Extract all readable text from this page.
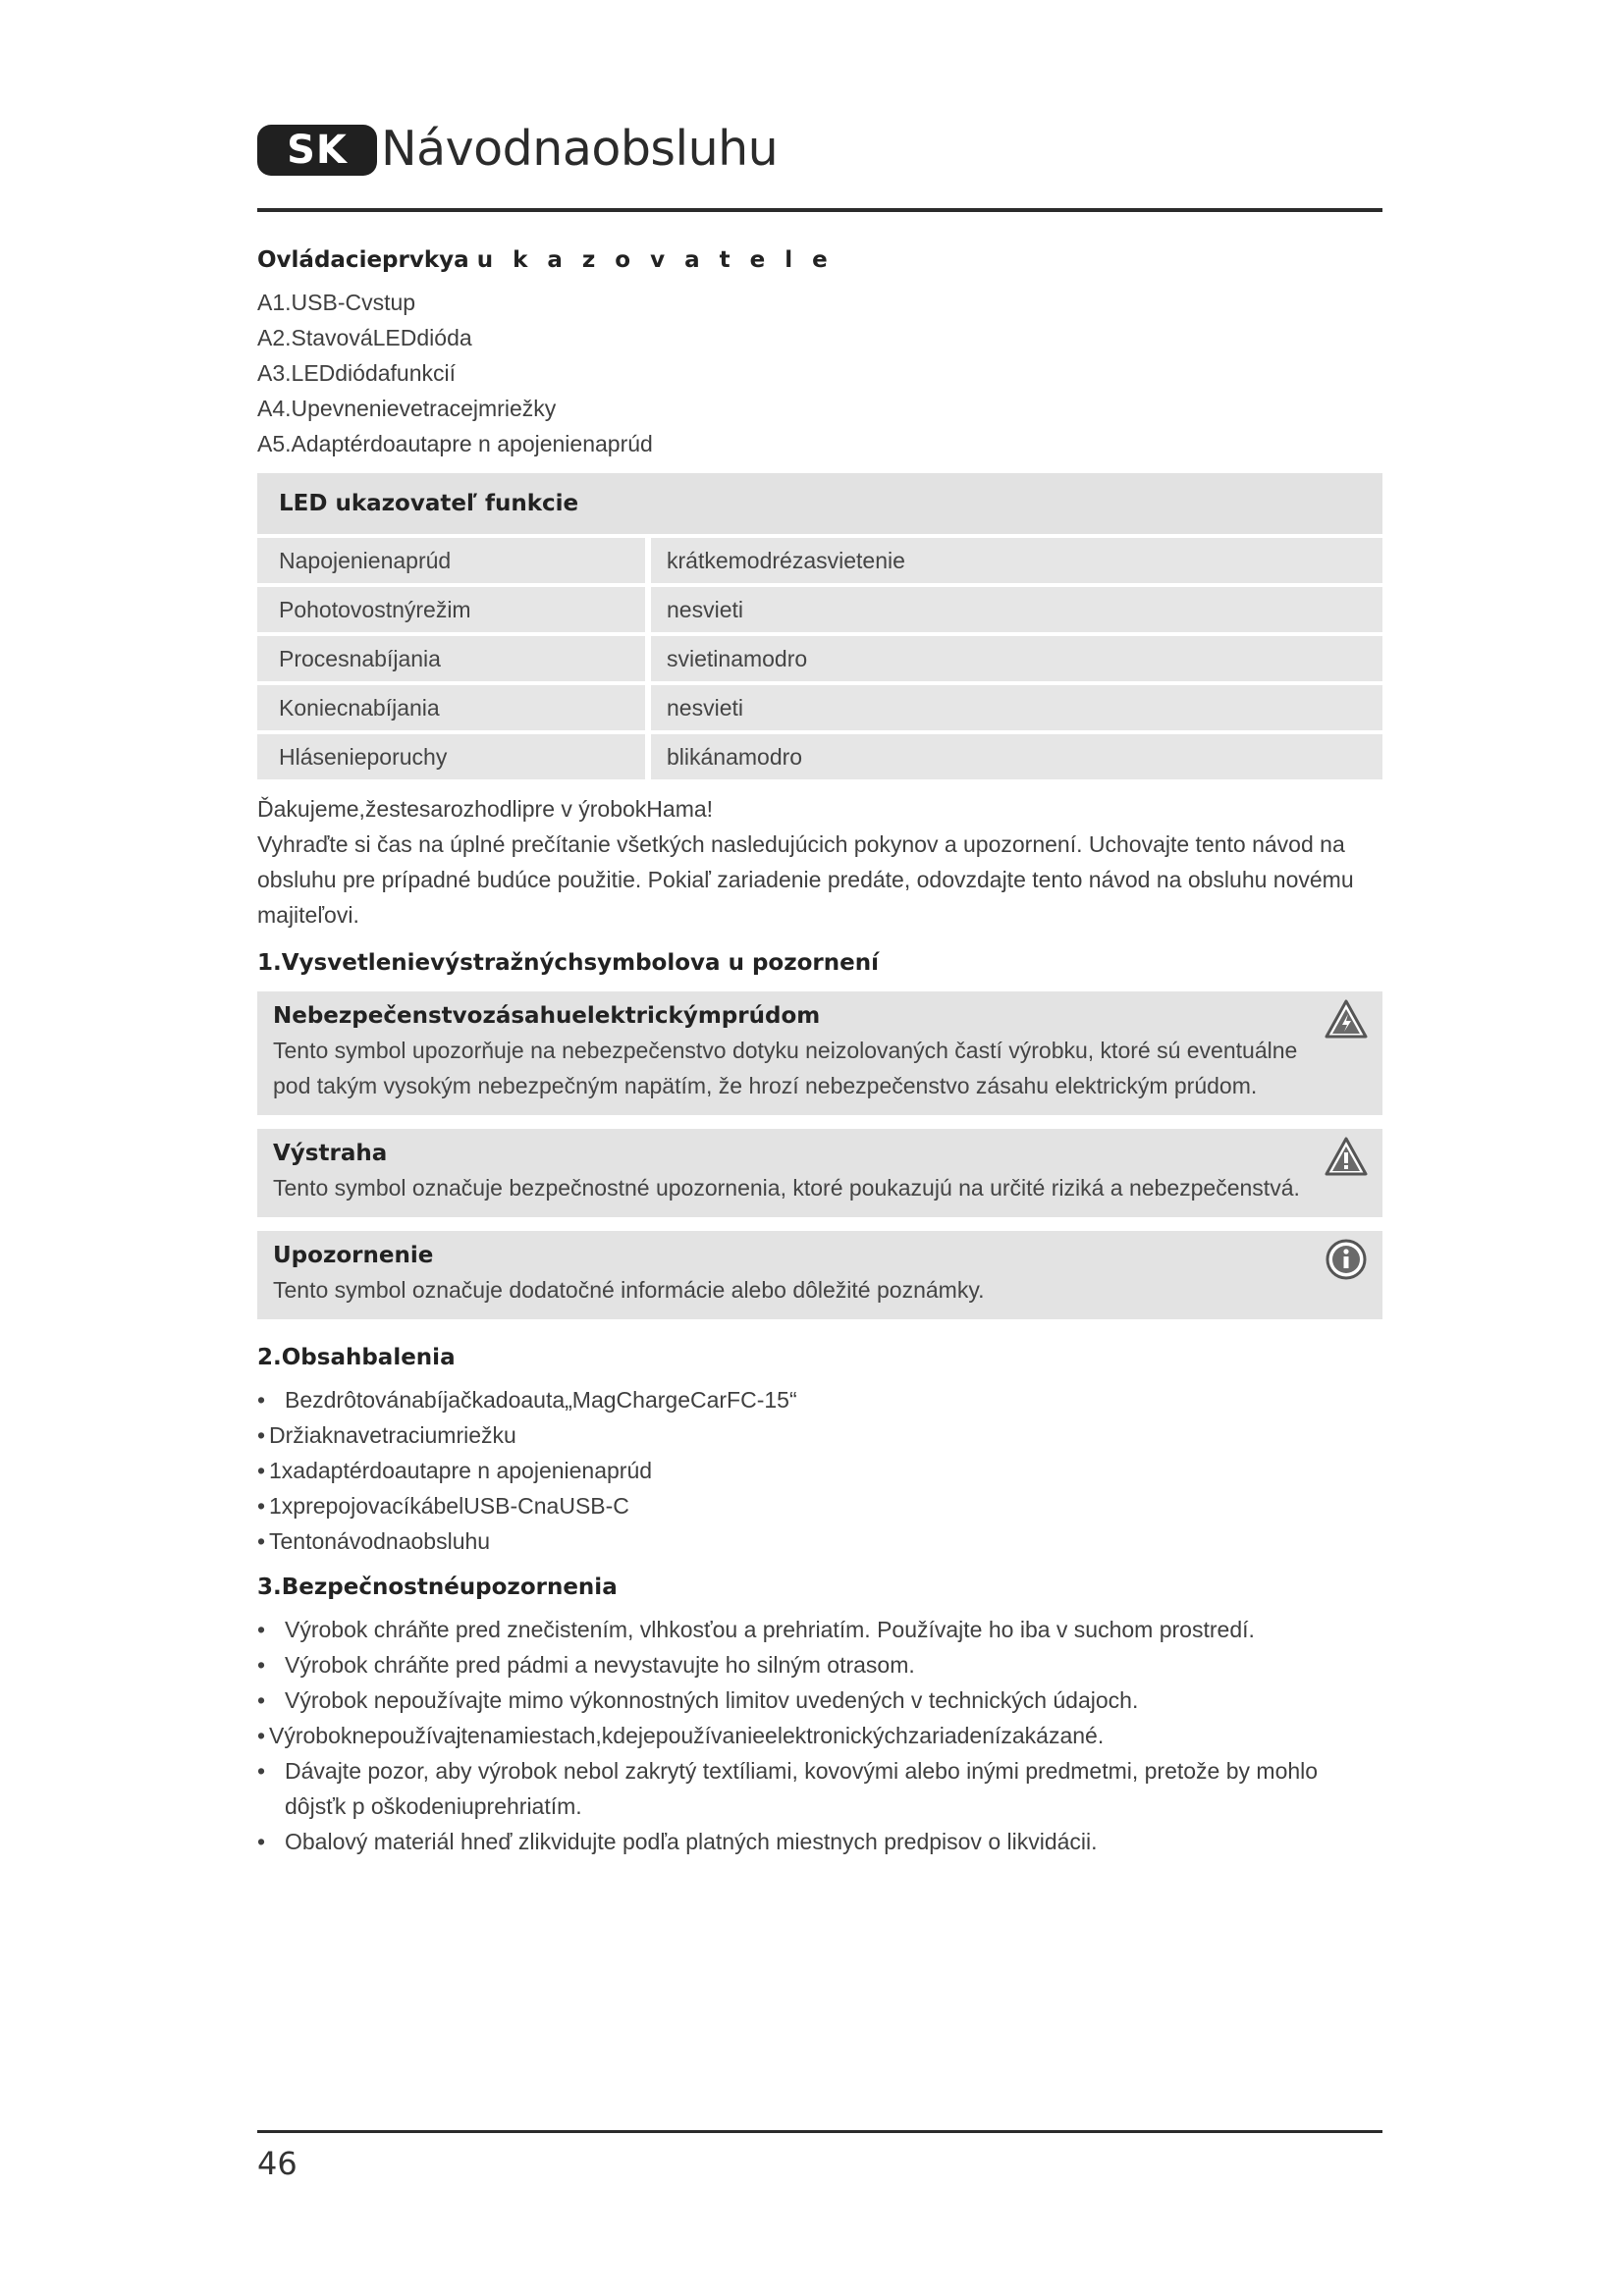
SK Návodnaobsluhu
Ovládacieprvkya u k a z o v a t e l e
A1.USB-Cvstup
A2.StavováLEDdióda
A3.LEDdiódafunkcií
A4.Upevnenievetracejmriežky
A5.Adaptérdoautapre n apojenienaprúd
LED ukazovateľ funkcie	
Napojenienaprúd	krátkemodrézasvietenie
Pohotovostnýrežim	nesvieti
Procesnabíjania	svietinamodro
Koniecnabíjania	nesvieti
Hlásenieporuchy	blikánamodro

Ďakujeme,žestesarozhodlipre v ýrobokHama!

Vyhraďte si čas na úplné prečítanie všetkých nasledujúcich pokynov a upozornení. Uchovajte tento návod na obsluhu pre prípadné budúce použitie. Pokiaľ zariadenie predáte, odovzdajte tento návod na obsluhu novému majiteľovi.

1.Vysvetlenievýstražnýchsymbolova u pozornení
Nebezpečenstvozásahuelektrickýmprúdom
Tento symbol upozorňuje na nebezpečenstvo dotyku neizolovaných častí výrobku, ktoré sú eventuálne pod takým vysokým nebezpečným napätím, že hrozí nebezpečenstvo zásahu elektrickým prúdom.
Výstraha
Tento symbol označuje bezpečnostné upozornenia, ktoré poukazujú na určité riziká a nebezpečenstvá.
Upozornenie
Tento symbol označuje dodatočné informácie alebo dôležité poznámky.
2.Obsahbalenia
• Bezdrôtovánabíjačkadoauta„MagChargeCarFC-15“
• Držiaknavetraciumriežku
• 1xadaptérdoautapre n apojenienaprúd
• 1xprepojovacíkábelUSB-CnaUSB-C
• Tentonávodnaobsluhu
3.Bezpečnostnéupozornenia
• Výrobok chráňte pred znečistením, vlhkosťou a prehriatím. Používajte ho iba v suchom prostredí.
• Výrobok chráňte pred pádmi a nevystavujte ho silným otrasom.
• Výrobok nepoužívajte mimo výkonnostných limitov uvedených v technických údajoch.
• Výroboknepoužívajtenamiestach,kdejepoužívanieelektronickýchzariadenízakázané.
• Dávajte pozor, aby výrobok nebol zakrytý textíliami, kovovými alebo inými predmetmi, pretože by mohlo dôjsťk p oškodeniuprehriatím.
• Obalový materiál hneď zlikvidujte podľa platných miestnych predpisov o likvidácii.
46
